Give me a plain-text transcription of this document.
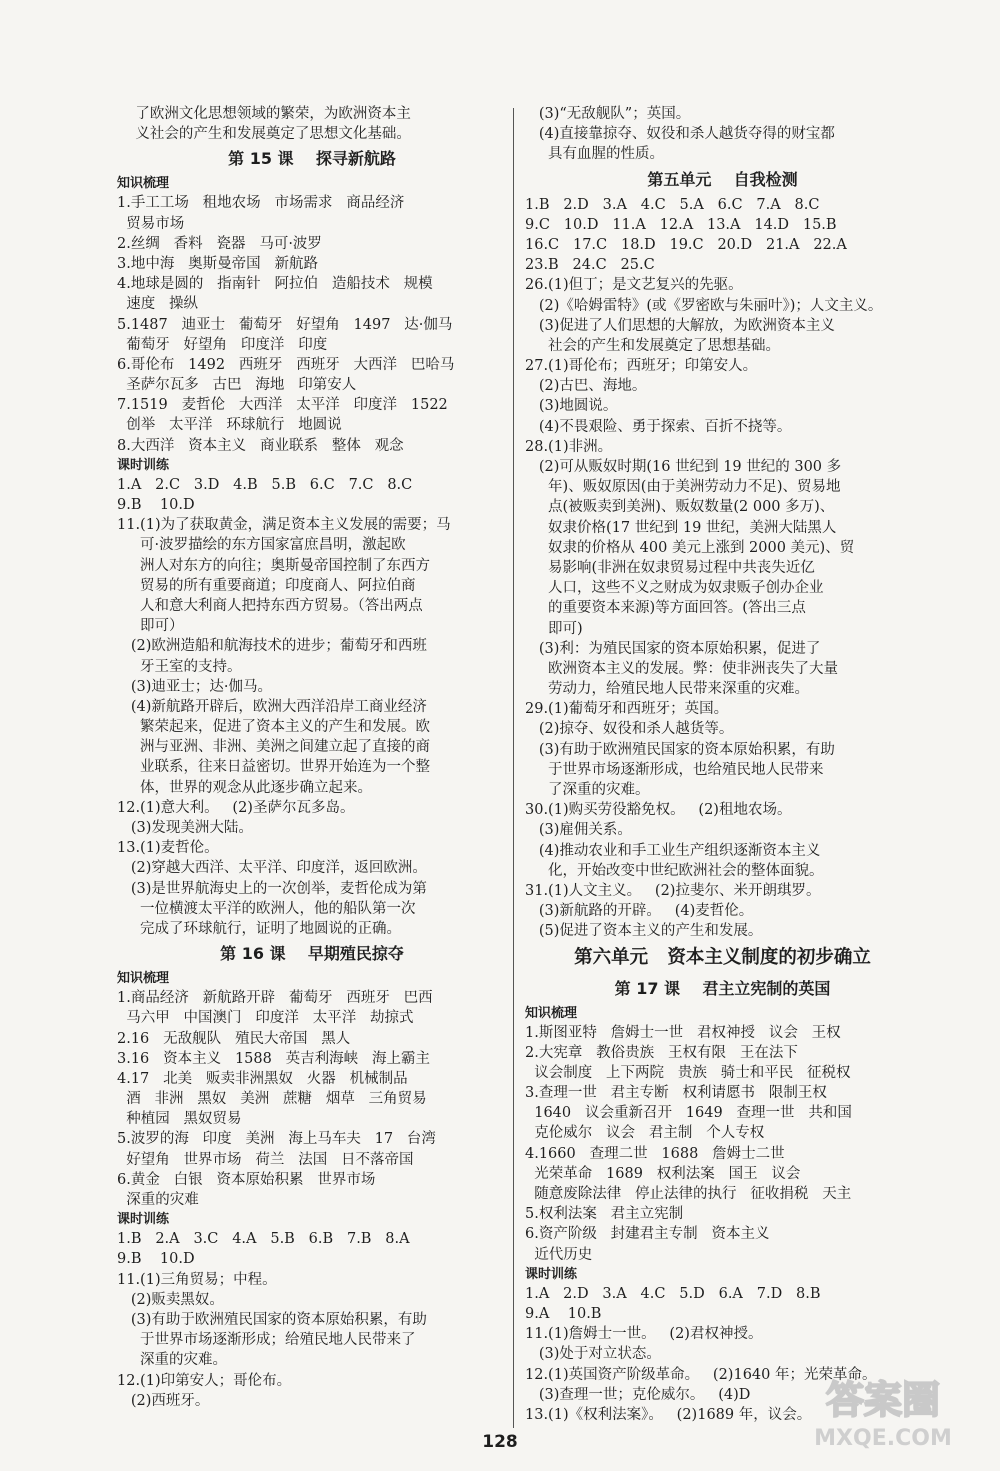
了欧洲文化思想领域的繁荣，为欧洲资本主
义社会的产生和发展奠定了思想文化基础。
第 15 课    探寻新航路
知识梳理
1.手工工场   租地农场   市场需求   商品经济
贸易市场
2.丝绸   香料   瓷器   马可·波罗
3.地中海   奥斯曼帝国   新航路
4.地球是圆的   指南针   阿拉伯   造船技术   规模
速度   操纵
5.1487   迪亚士   葡萄牙   好望角   1497   达·伽马
葡萄牙   好望角   印度洋   印度
6.哥伦布   1492   西班牙   西班牙   大西洋   巴哈马
圣萨尔瓦多   古巴   海地   印第安人
7.1519   麦哲伦   大西洋   太平洋   印度洋   1522
创举   太平洋   环球航行   地圆说
8.大西洋   资本主义   商业联系   整体   观念
课时训练
1.A   2.C   3.D   4.B   5.B   6.C   7.C   8.C
9.B    10.D
11.(1)为了获取黄金，满足资本主义发展的需要；马
可·波罗描绘的东方国家富庶昌明，激起欧
洲人对东方的向往；奥斯曼帝国控制了东西方
贸易的所有重要商道；印度商人、阿拉伯商
人和意大利商人把持东西方贸易。（答出两点
即可）
(2)欧洲造船和航海技术的进步；葡萄牙和西班
牙王室的支持。
(3)迪亚士；达·伽马。
(4)新航路开辟后，欧洲大西洋沿岸工商业经济
繁荣起来，促进了资本主义的产生和发展。欧
洲与亚洲、非洲、美洲之间建立起了直接的商
业联系，往来日益密切。世界开始连为一个整
体，世界的观念从此逐步确立起来。
12.(1)意大利。   (2)圣萨尔瓦多岛。
(3)发现美洲大陆。
13.(1)麦哲伦。
(2)穿越大西洋、太平洋、印度洋，返回欧洲。
(3)是世界航海史上的一次创举，麦哲伦成为第
一位横渡太平洋的欧洲人，他的船队第一次
完成了环球航行，证明了地圆说的正确。
第 16 课    早期殖民掠夺
知识梳理
1.商品经济   新航路开辟   葡萄牙   西班牙   巴西
马六甲   中国澳门   印度洋   太平洋   劫掠式
2.16   无敌舰队   殖民大帝国   黑人
3.16   资本主义   1588   英吉利海峡   海上霸主
4.17   北美   贩卖非洲黑奴   火器   机械制品
酒   非洲   黑奴   美洲   蔗糖   烟草   三角贸易
种植园   黑奴贸易
5.波罗的海   印度   美洲   海上马车夫   17   台湾
好望角   世界市场   荷兰   法国   日不落帝国
6.黄金   白银   资本原始积累   世界市场
深重的灾难
课时训练
1.B   2.A   3.C   4.A   5.B   6.B   7.B   8.A
9.B    10.D
11.(1)三角贸易；中程。
(2)贩卖黑奴。
(3)有助于欧洲殖民国家的资本原始积累，有助
于世界市场逐渐形成；给殖民地人民带来了
深重的灾难。
12.(1)印第安人；哥伦布。
(2)西班牙。
(3)“无敌舰队”；英国。
(4)直接靠掠夺、奴役和杀人越货夺得的财宝都
具有血腥的性质。
第五单元    自我检测
1.B   2.D   3.A   4.C   5.A   6.C   7.A   8.C
9.C   10.D   11.A   12.A   13.A   14.D   15.B
16.C   17.C   18.D   19.C   20.D   21.A   22.A
23.B   24.C   25.C
26.(1)但丁；是文艺复兴的先驱。
(2)《哈姆雷特》(或《罗密欧与朱丽叶》)；人文主义。
(3)促进了人们思想的大解放，为欧洲资本主义
社会的产生和发展奠定了思想基础。
27.(1)哥伦布；西班牙；印第安人。
(2)古巴、海地。
(3)地圆说。
(4)不畏艰险、勇于探索、百折不挠等。
28.(1)非洲。
(2)可从贩奴时期(16 世纪到 19 世纪的 300 多
年)、贩奴原因(由于美洲劳动力不足)、贸易地
点(被贩卖到美洲)、贩奴数量(2 000 多万)、
奴隶价格(17 世纪到 19 世纪，美洲大陆黑人
奴隶的价格从 400 美元上涨到 2000 美元)、贸
易影响(非洲在奴隶贸易过程中共丧失近亿
人口，这些不义之财成为奴隶贩子创办企业
的重要资本来源)等方面回答。(答出三点
即可)
(3)利：为殖民国家的资本原始积累，促进了
欧洲资本主义的发展。弊：使非洲丧失了大量
劳动力，给殖民地人民带来深重的灾难。
29.(1)葡萄牙和西班牙；英国。
(2)掠夺、奴役和杀人越货等。
(3)有助于欧洲殖民国家的资本原始积累，有助
于世界市场逐渐形成，也给殖民地人民带来
了深重的灾难。
30.(1)购买劳役豁免权。   (2)租地农场。
(3)雇佣关系。
(4)推动农业和手工业生产组织逐渐资本主义
化，开始改变中世纪欧洲社会的整体面貌。
31.(1)人文主义。   (2)拉斐尔、米开朗琪罗。
(3)新航路的开辟。   (4)麦哲伦。
(5)促进了资本主义的产生和发展。
第六单元   资本主义制度的初步确立
第 17 课    君主立宪制的英国
知识梳理
1.斯图亚特   詹姆士一世   君权神授   议会   王权
2.大宪章   教俗贵族   王权有限   王在法下
议会制度   上下两院   贵族   骑士和平民   征税权
3.查理一世   君主专断   权利请愿书   限制王权
1640   议会重新召开   1649   查理一世   共和国
克伦威尔   议会   君主制   个人专权
4.1660   查理二世   1688   詹姆士二世
光荣革命   1689   权利法案   国王   议会
随意废除法律   停止法律的执行   征收捐税   天主
5.权利法案   君主立宪制
6.资产阶级   封建君主专制   资本主义
近代历史
课时训练
1.A   2.D   3.A   4.C   5.D   6.A   7.D   8.B
9.A    10.B
11.(1)詹姆士一世。   (2)君权神授。
(3)处于对立状态。
12.(1)英国资产阶级革命。   (2)1640 年；光荣革命。
(3)查理一世；克伦威尔。   (4)D
13.(1)《权利法案》。   (2)1689 年，议会。
128
答案圈
MXQE.COM
